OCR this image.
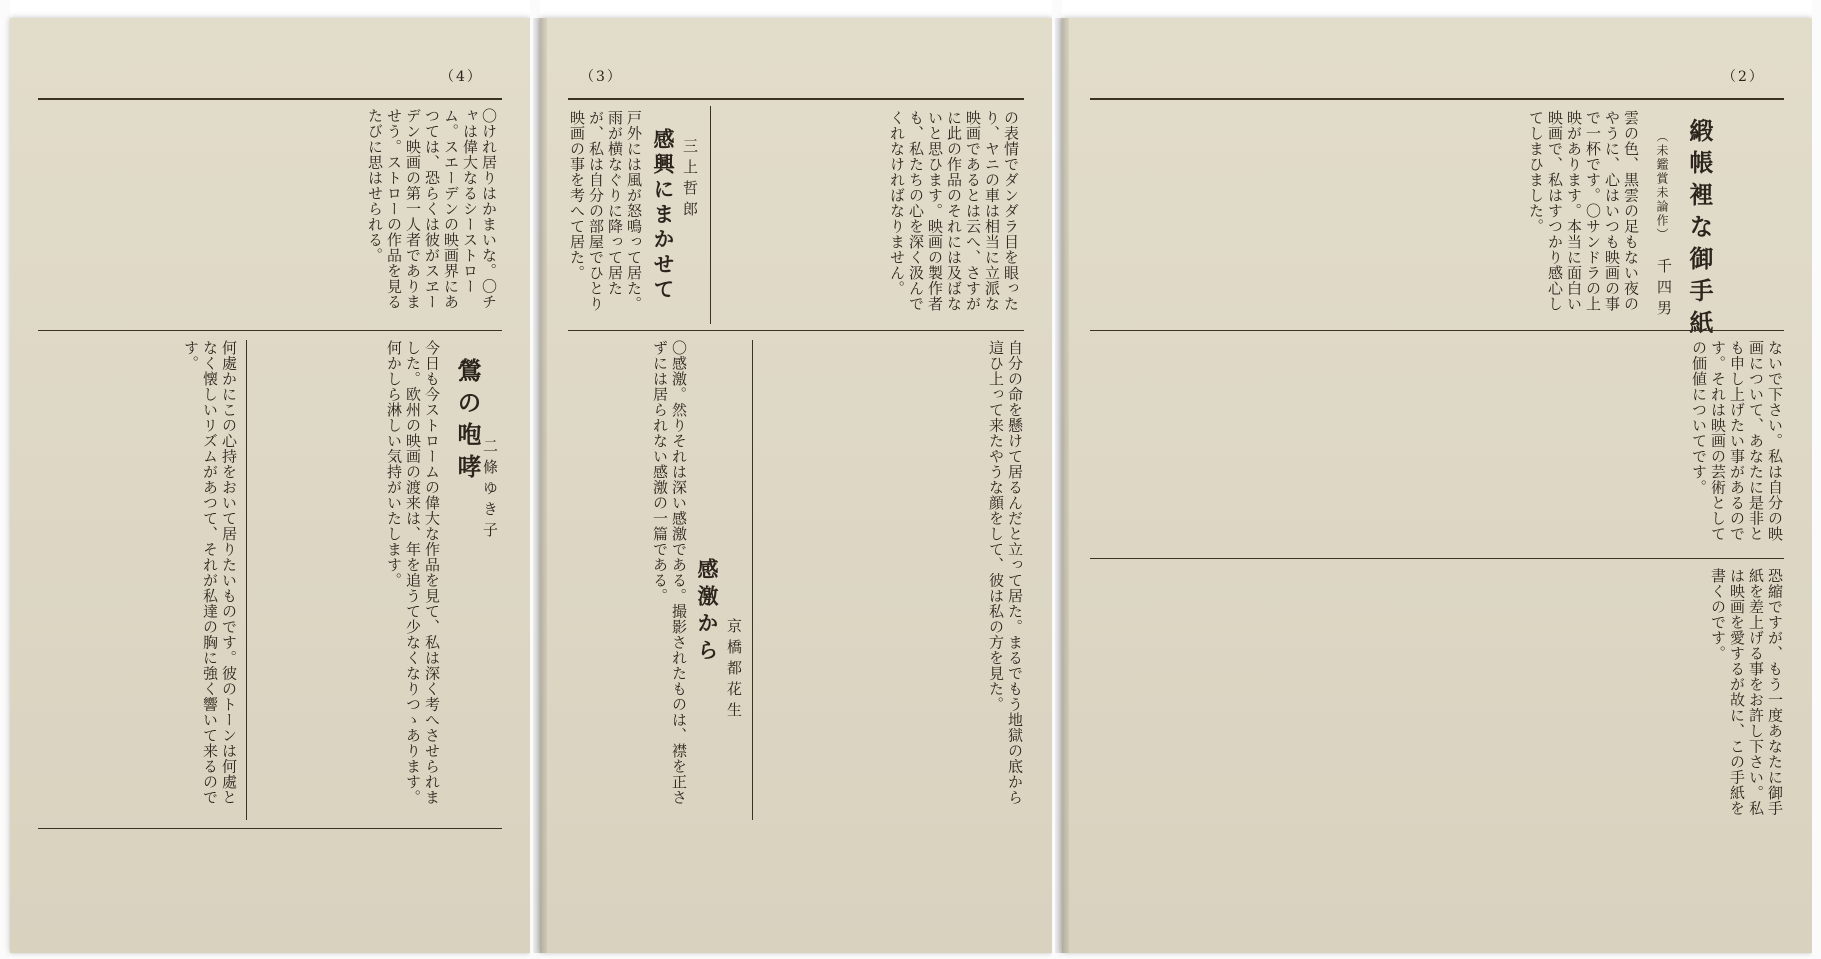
（4）
〇けれ居りはかまいな。〇チャは偉大なるシーストローム。スエーデンの映画界にあつては、恐らくは彼がスヱーデン映画の第一人者でありませう。ストローの作品を見るたびに思はせられる。
何處かにこの心持をおいて居りたいものです。彼のトーンは何處となく懐しいリズムがあつて、それが私達の胸に強く響いて来るのです。	今日も今ストロームの偉大な作品を見て、私は深く考へさせられました。欧州の映画の渡来は、年を追うて少なくなりつゝあります。何かしら淋しい気持がいたします。	鶯の咆哮
二條ゆき子
（3）
戸外には風が怒鳴って居た。雨が横なぐりに降って居たが、私は自分の部屋でひとり映画の事を考へて居た。	感興にまかせて 三上哲郎	の表情でダンダラ目を眼ったり、ヤニの車は相当に立派な映画であるとは云へ、さすがに此の作品のそれには及ばないと思ひます。映画の製作者も、私たちの心を深く汲んでくれなければなりません。
〇感激。然りそれは深い感激である。撮影されたものは、襟を正さずには居られない感激の一篇である。
感激から
京橋都花生	自分の命を懸けて居るんだと立って居た。まるでもう地獄の底から這ひ上って来たやうな顔をして、彼は私の方を見た。
（2）
緞帳裡な御手紙
（未鑑賞未論作）
千四男
雲の色、黒雲の足もない夜のやうに、心はいつも映画の事で一杯です。〇サンドラの上映があります。本当に面白い映画で、私はすつかり感心してしまひました。
ないで下さい。私は自分の映画について、あなたに是非とも申し上げたい事があるのです。それは映画の芸術としての価値についてです。
恐縮ですが、もう一度あなたに御手紙を差上げる事をお許し下さい。私は映画を愛するが故に、この手紙を書くのです。
